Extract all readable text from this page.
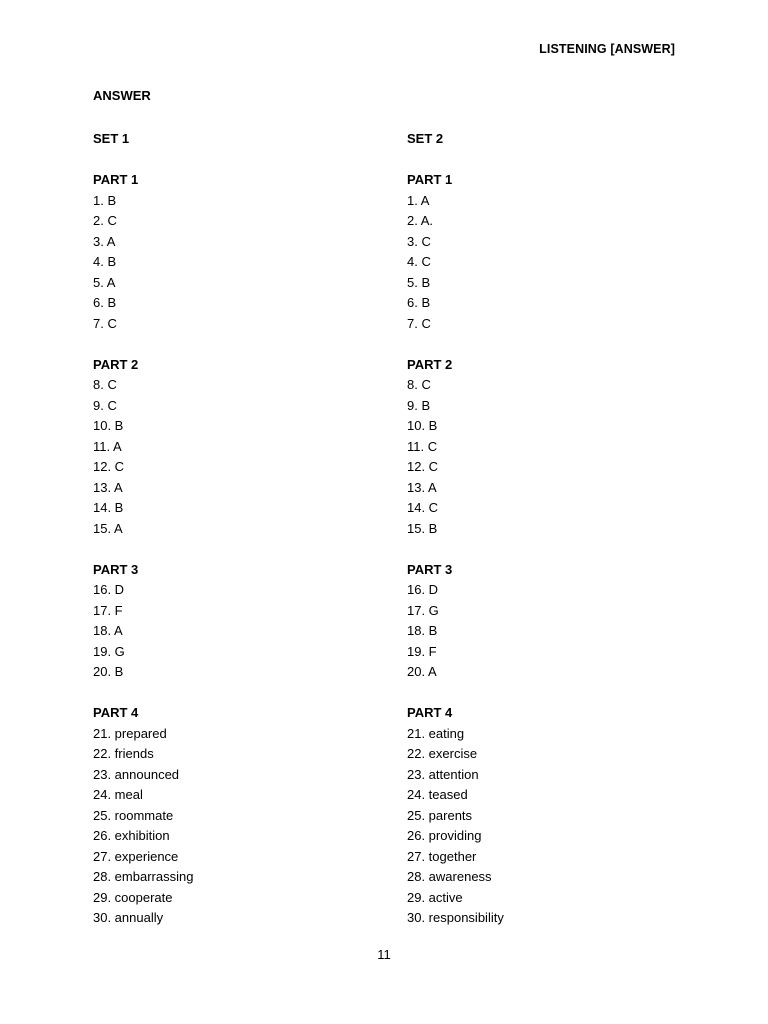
LISTENING [ANSWER]
ANSWER
SET 1
PART 1
1. B
2. C
3. A
4. B
5. A
6. B
7. C
PART 2
8. C
9. C
10. B
11. A
12. C
13. A
14. B
15. A
PART 3
16. D
17. F
18. A
19. G
20. B
PART 4
21. prepared
22. friends
23. announced
24. meal
25. roommate
26. exhibition
27. experience
28. embarrassing
29. cooperate
30. annually
SET 2
PART 1
1. A
2. A.
3. C
4. C
5. B
6. B
7. C
PART 2
8. C
9. B
10. B
11. C
12. C
13. A
14. C
15. B
PART 3
16. D
17. G
18. B
19. F
20. A
PART 4
21. eating
22. exercise
23. attention
24. teased
25. parents
26. providing
27. together
28. awareness
29. active
30. responsibility
11
